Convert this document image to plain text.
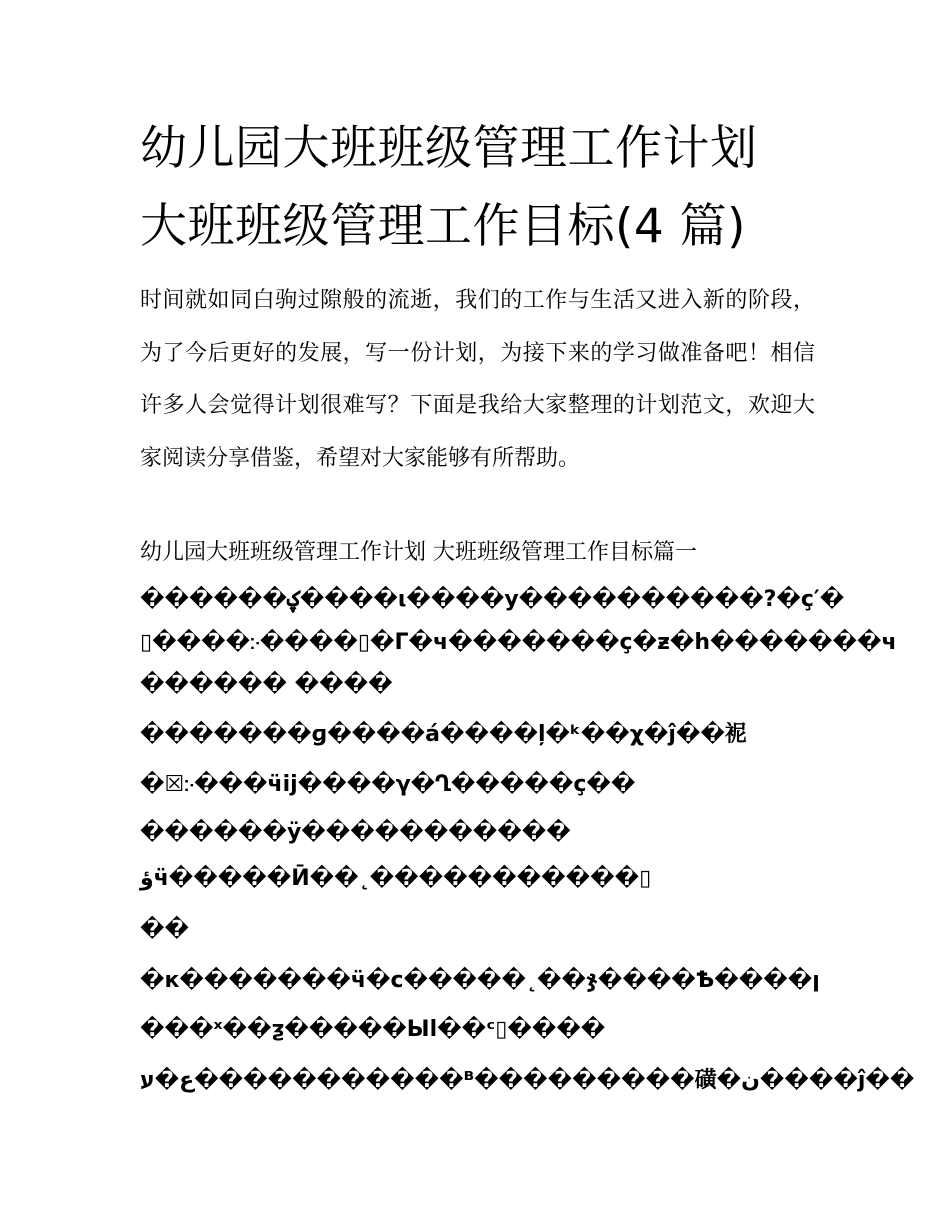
幼儿园大班班级管理工作计划
大班班级管理工作目标(4 篇)

时间就如同白驹过隙般的流逝，我们的工作与生活又进入新的阶段，为了今后更好的发展，写一份计划，为接下来的学习做准备吧！相信许多人会觉得计划很难写？下面是我给大家整理的计划范文，欢迎大家阅读分享借鉴，希望对大家能够有所帮助。

幼儿园大班班级管理工作计划 大班班级管理工作目标篇一

������ؼ����ι����y����������?�ç′�

▯����჻����▯�Г�ч�������ç�ƶ�h�������ч

������ ����

�������ɡ����á����ļ�ᵏ��χ�ĵ��䘦

�☒჻���ӵij����γ�Ղ�����ç��

������ӱ�����������

ؤӵ�����Ӣ��˛�����������▯

��

�к�������ӵ�с�����˛��ჯ����Ѣ����ꞁ

���ˣ��ƺ�����Ыl��ᶜ▯����

ع�ע�����������ᴮ���������磺�ن����ĵ��
